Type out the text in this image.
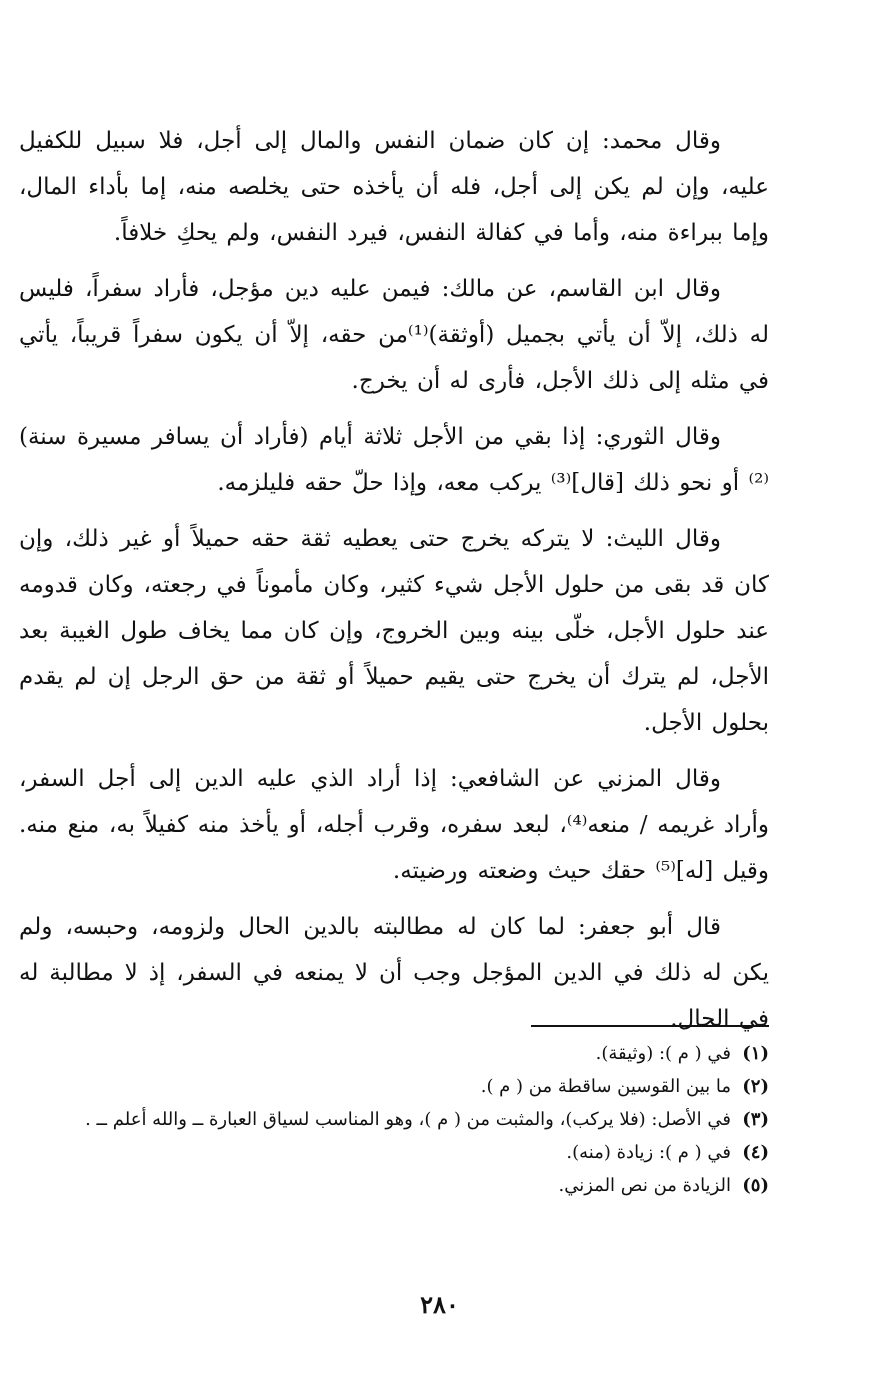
وقال محمد: إن كان ضمان النفس والمال إلى أجل، فلا سبيل للكفيل عليه، وإن لم يكن إلى أجل، فله أن يأخذه حتى يخلصه منه، إما بأداء المال، وإما ببراءة منه، وأما في كفالة النفس، فيرد النفس، ولم يحكِ خلافاً.

وقال ابن القاسم، عن مالك: فيمن عليه دين مؤجل، فأراد سفراً، فليس له ذلك، إلاّ أن يأتي بجميل (أوثقة)⁽¹⁾من حقه، إلاّ أن يكون سفراً قريباً، يأتي في مثله إلى ذلك الأجل، فأرى له أن يخرج.

وقال الثوري: إذا بقي من الأجل ثلاثة أيام (فأراد أن يسافر مسيرة سنة)⁽²⁾ أو نحو ذلك [قال]⁽³⁾ يركب معه، وإذا حلّ حقه فليلزمه.

وقال الليث: لا يتركه يخرج حتى يعطيه ثقة حقه حميلاً أو غير ذلك، وإن كان قد بقى من حلول الأجل شيء كثير، وكان مأموناً في رجعته، وكان قدومه عند حلول الأجل، خلّى بينه وبين الخروج، وإن كان مما يخاف طول الغيبة بعد الأجل، لم يترك أن يخرج حتى يقيم حميلاً أو ثقة من حق الرجل إن لم يقدم بحلول الأجل.

وقال المزني عن الشافعي: إذا أراد الذي عليه الدين إلى أجل السفر، وأراد غريمه / منعه⁽⁴⁾، لبعد سفره، وقرب أجله، أو يأخذ منه كفيلاً به، منع منه. وقيل [له]⁽⁵⁾ حقك حيث وضعته ورضيته.

قال أبو جعفر: لما كان له مطالبته بالدين الحال ولزومه، وحبسه، ولم يكن له ذلك في الدين المؤجل وجب أن لا يمنعه في السفر، إذ لا مطالبة له في الحال.

(١)
في ( م ): (وثيقة).
(٢)
ما بين القوسين ساقطة من ( م ).
(٣)
في الأصل: (فلا يركب)، والمثبت من ( م )، وهو المناسب لسياق العبارة ــ والله أعلم ــ .
(٤)
في ( م ): زيادة (منه).
(٥)
الزيادة من نص المزني.
٢٨٠
